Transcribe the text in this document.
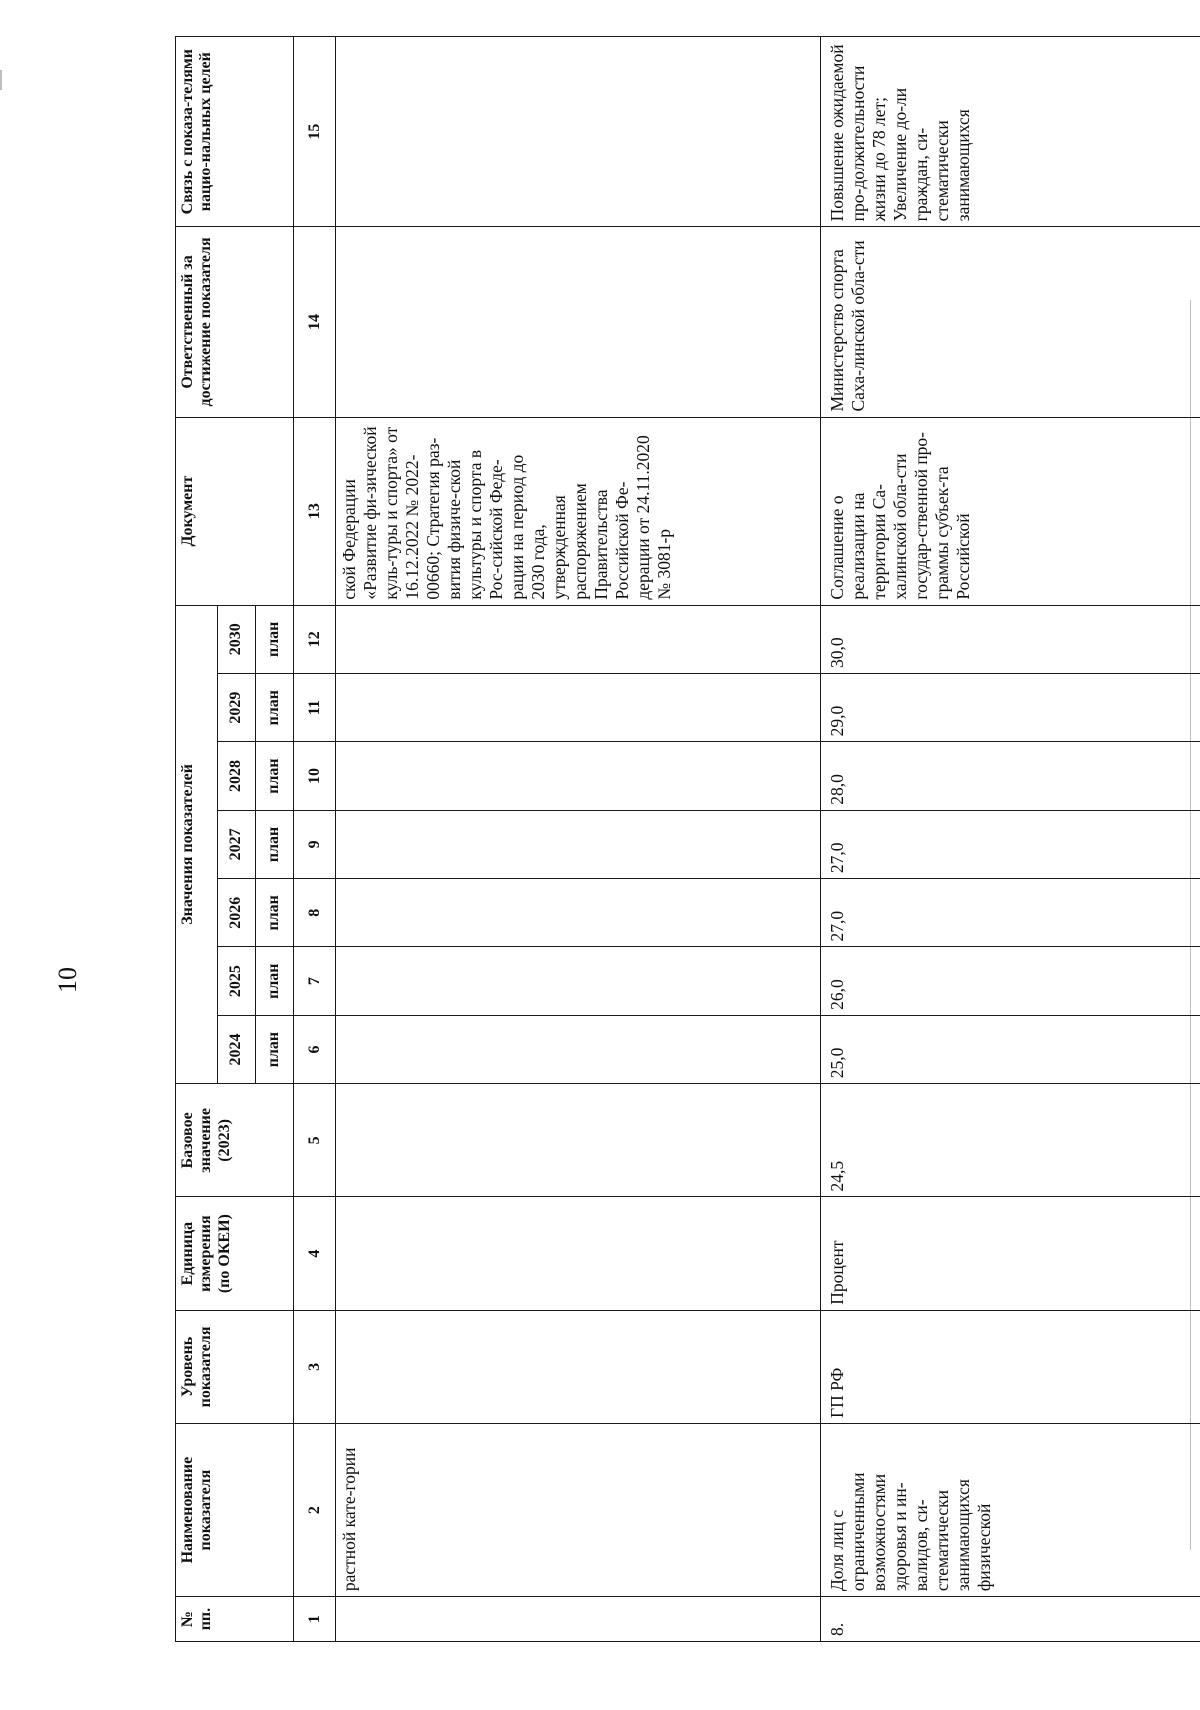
10
№ пп.	Наименование показателя	Уровень показателя	Единица измерения (по ОКЕИ)	Базовое значение (2023)	Значения показателей							Документ	Ответственный за достижение показателя	Связь с показа-телями нацио-нальных целей
					2024	2025	2026	2027	2028	2029	2030			
					план	план	план	план	план	план	план			
1	2	3	4	5	6	7	8	9	10	11	12	13	14	15
	растной кате-гории											ской Федерации «Развитие фи-зической куль-туры и спорта» от 16.12.2022 № 2022-00660; Стратегия раз-вития физиче-ской культуры и спорта в Рос-сийской Феде-рации на период до 2030 года, утвержденная распоряжением Правительства Российской Фе-дерации от 24.11.2020 № 3081-р		
8.	Доля лиц с ограниченными возможностями здоровья и ин-валидов, си-стематически занимающихся физической	ГП РФ	Процент	24,5	25,0	26,0	27,0	27,0	28,0	29,0	30,0	Соглашение о реализации на территории Са-халинской обла-сти государ-ственной про-граммы субъек-та Российской	Министерство спорта Саха-линской обла-сти	Повышение ожидаемой про-должительности жизни до 78 лет; Увеличение до-ли граждан, си-стематически занимающихся
